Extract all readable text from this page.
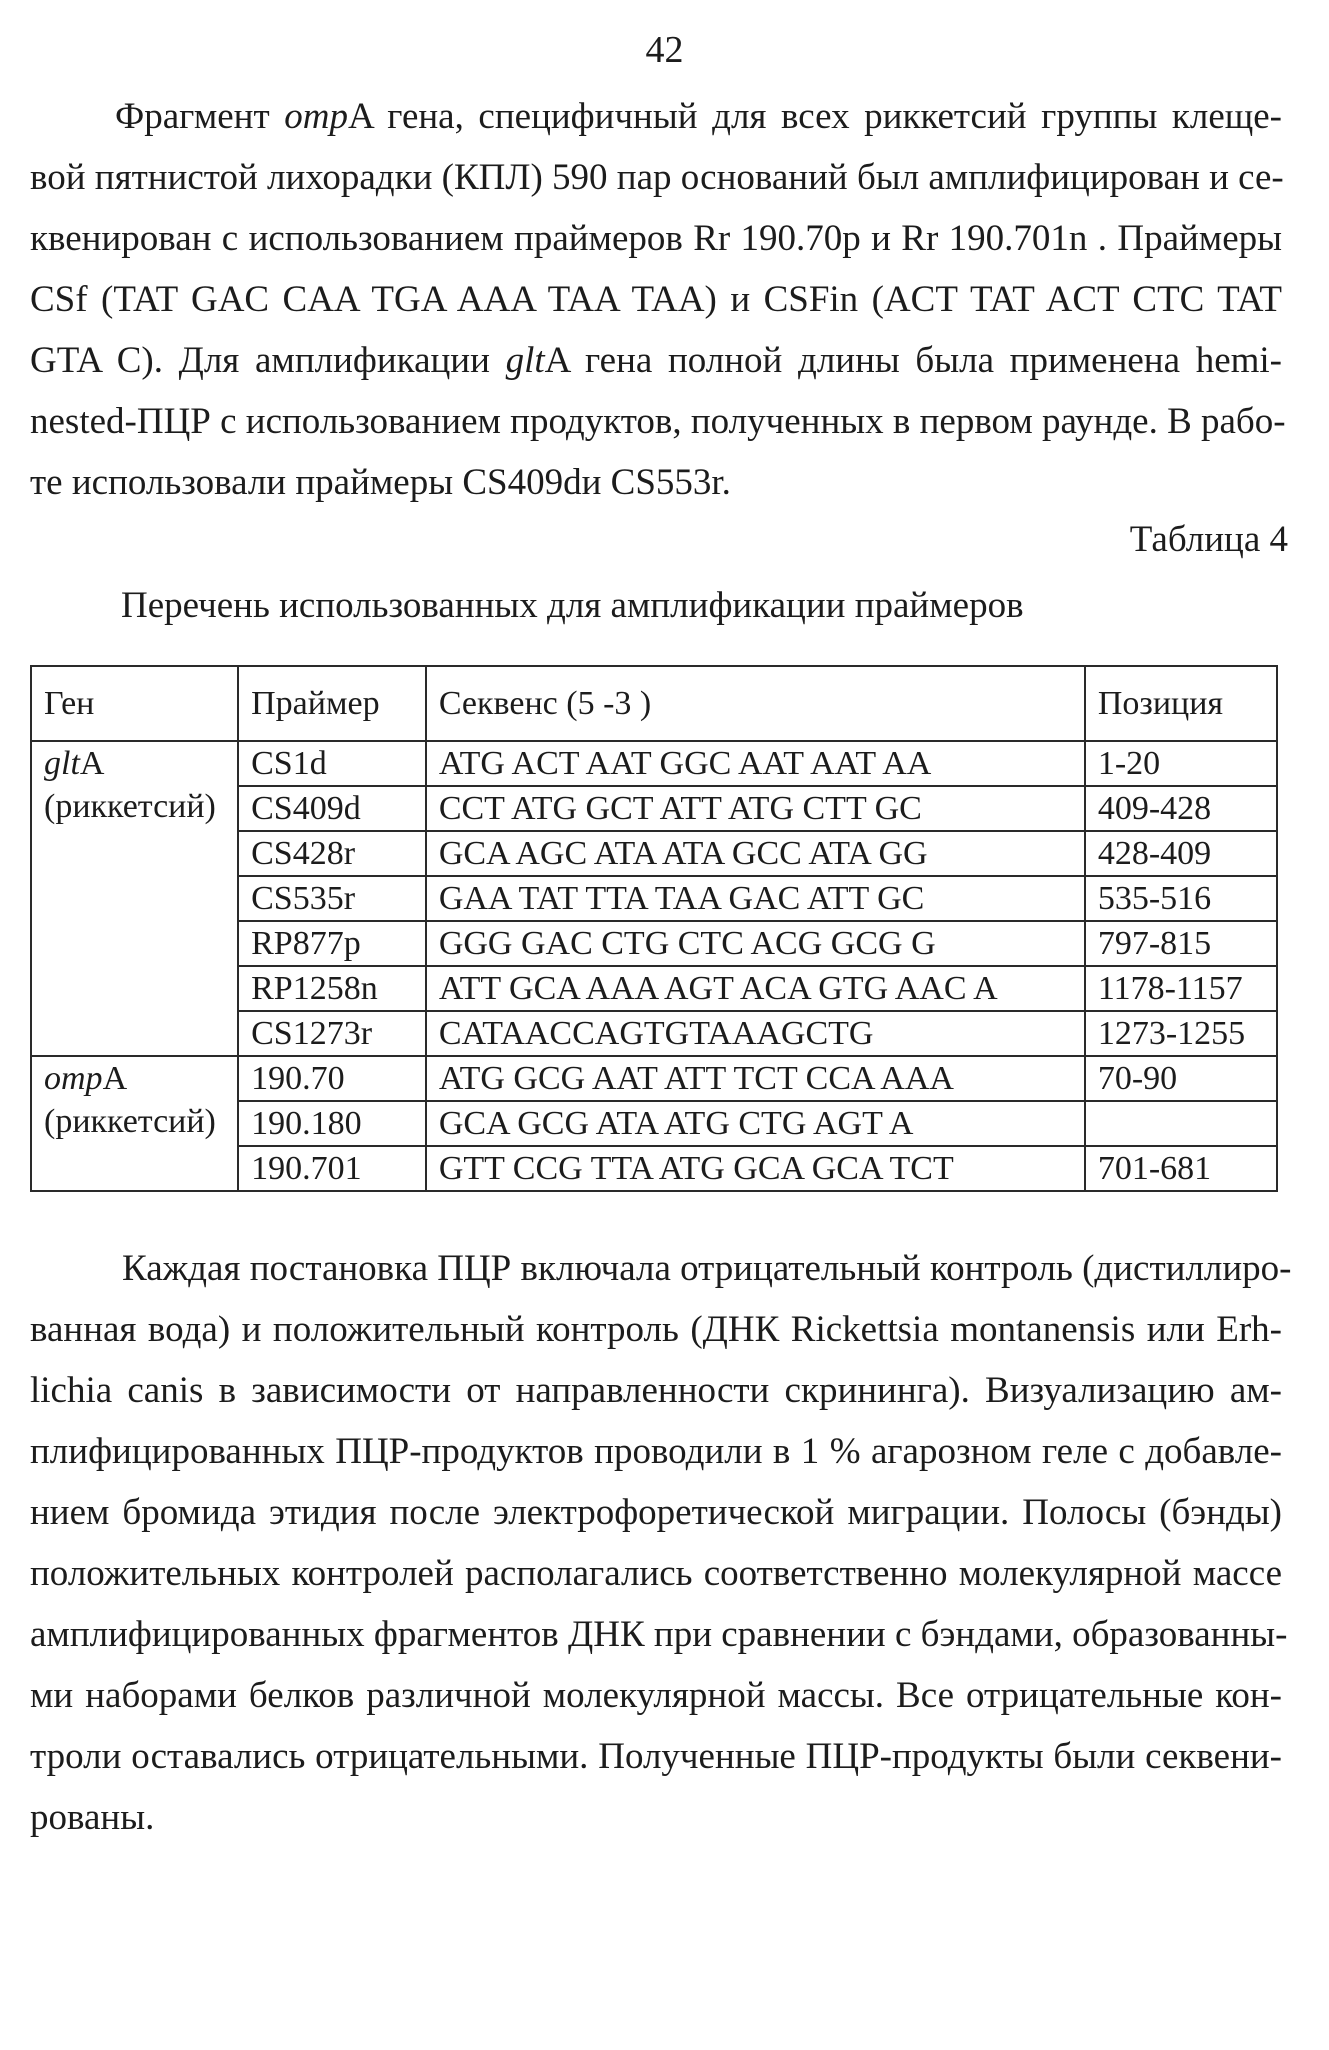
42
Фрагмент ompA гена, специфичный для всех риккетсий группы клеще-
вой пятнистой лихорадки (КПЛ) 590 пар оснований был амплифицирован и се-
квенирован с использованием праймеров Rr 190.70p и Rr 190.701n . Праймеры
CSf (TAT GAC CAA TGA AAA TAA TAA) и CSFin (ACT TAT ACT CTC TAT
GTA C). Для амплификации gltA гена полной длины была применена hemi-
nested-ПЦР с использованием продуктов, полученных в первом раунде. В рабо-
те использовали праймеры CS409dи CS553r.
Таблица 4
Перечень использованных для амплификации праймеров
Ген	Праймер	Секвенс (5 -3 )	Позиция
gltA
(риккетсий)	CS1d	ATG ACT AAT GGC AAT AAT AA	1-20
	CS409d	CCT ATG GCT ATT ATG CTT GC	409-428
	CS428r	GCA AGC ATA ATA GCC ATA GG	428-409
	CS535r	GAA TAT TTA TAA GAC ATT GC	535-516
	RP877p	GGG GAC CTG CTC ACG GCG G	797-815
	RP1258n	ATT GCA AAA AGT ACA GTG AAC A	1178-1157
	CS1273r	CATAACCAGTGTAAAGCTG	1273-1255
ompA
(риккетсий)	190.70	ATG GCG AAT ATT TCT CCA AAA	70-90
	190.180	GCA GCG ATA ATG CTG AGT A	
	190.701	GTT CCG TTA ATG GCA GCA TCT	701-681
Каждая постановка ПЦР включала отрицательный контроль (дистиллиро-
ванная вода) и положительный контроль (ДНК Rickettsia montanensis или Erh-
lichia canis в зависимости от направленности скрининга). Визуализацию ам-
плифицированных ПЦР-продуктов проводили в 1 % агарозном геле с добавле-
нием бромида этидия после электрофоретической миграции. Полосы (бэнды)
положительных контролей располагались соответственно молекулярной массе
амплифицированных фрагментов ДНК при сравнении с бэндами, образованны-
ми наборами белков различной молекулярной массы. Все отрицательные кон-
троли оставались отрицательными. Полученные ПЦР-продукты были секвени-
рованы.
